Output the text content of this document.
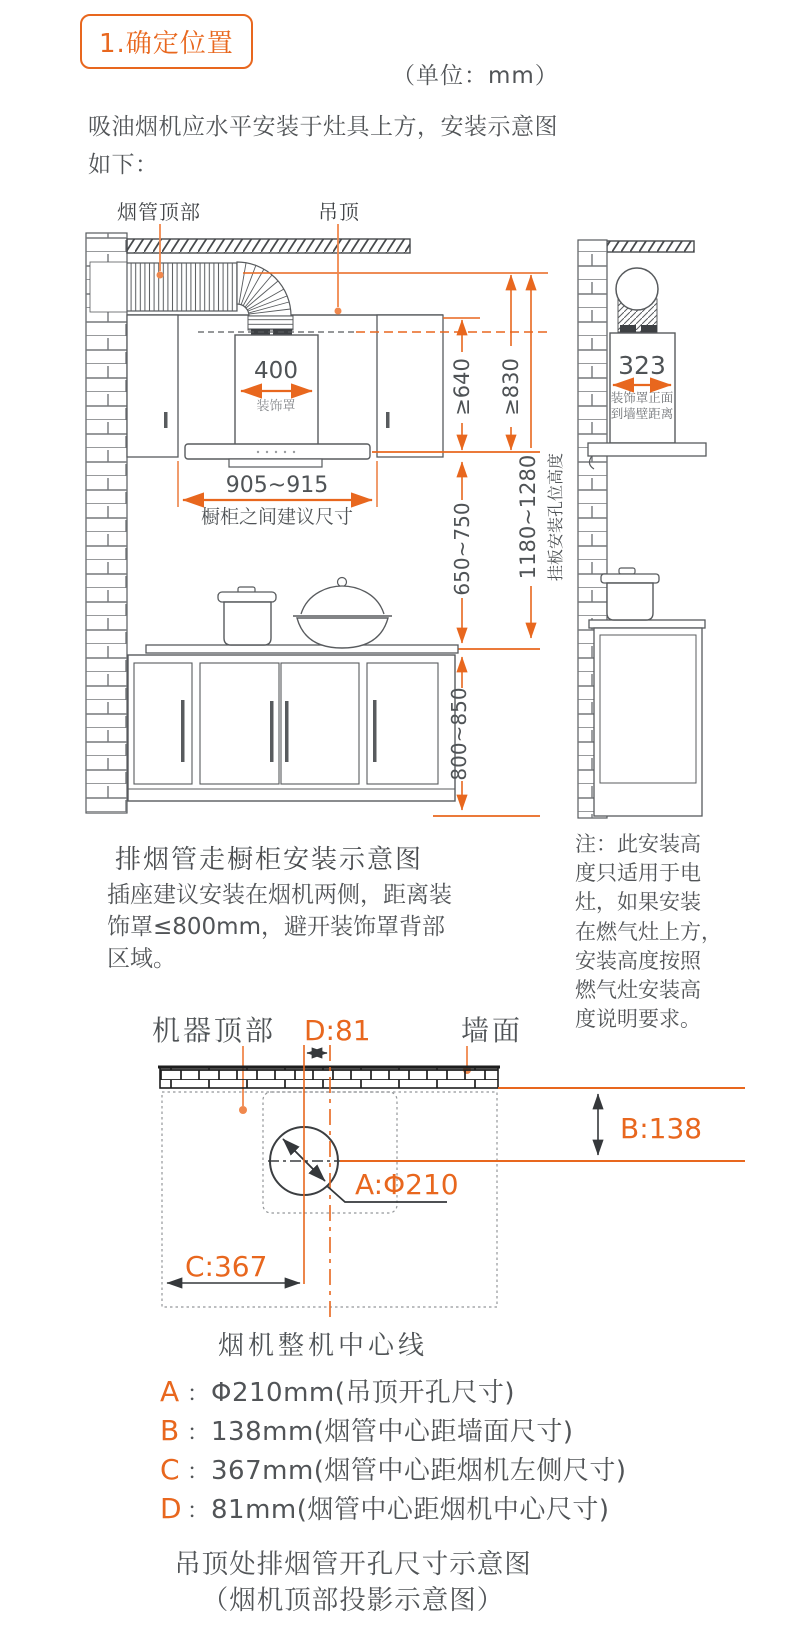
1.确定位置
（单位：mm）
吸油烟机应水平安装于灶具上方，安装示意图
如下：
400
装饰罩
905~915
橱柜之间建议尺寸
烟管顶部	吊顶
≥640 ≥830
650~750
800~850
1180~1280 挂板安装孔位高度
323
装饰罩正面
到墙壁距离
排烟管走橱柜安装示意图
插座建议安装在烟机两侧，距离装
饰罩≤800mm，避开装饰罩背部
区域。
注：此安装高
度只适用于电
灶，如果安装
在燃气灶上方，
安装高度按照
燃气灶安装高
度说明要求。
机器顶部 D:81	墙面
B:138
A:Φ210
C:367
烟机整机中心线
A ： Φ210mm(吊顶开孔尺寸)
B ： 138mm(烟管中心距墙面尺寸)
C ： 367mm(烟管中心距烟机左侧尺寸)
D ： 81mm(烟管中心距烟机中心尺寸)
吊顶处排烟管开孔尺寸示意图
（烟机顶部投影示意图）
